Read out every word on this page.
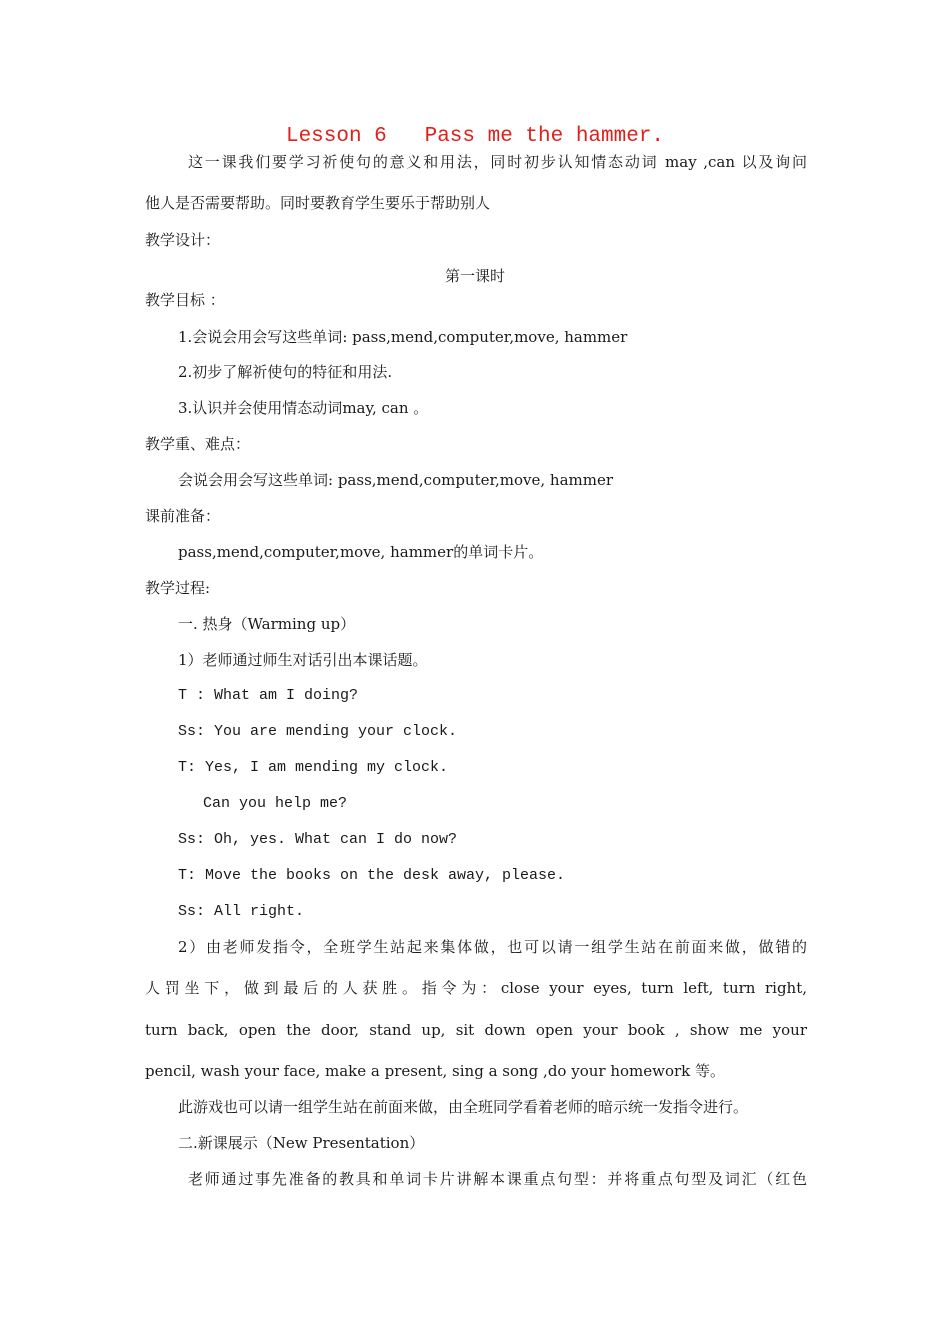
Lesson 6   Pass me the hammer.
这一课我们要学习祈使句的意义和用法，同时初步认知情态动词 may ,can 以及询问
他人是否需要帮助。同时要教育学生要乐于帮助别人
教学设计：
第一课时
教学目标 ：
1.会说会用会写这些单词: pass,mend,computer,move, hammer
2.初步了解祈使句的特征和用法.
3.认识并会使用情态动词may, can 。
教学重、难点：
会说会用会写这些单词: pass,mend,computer,move, hammer
课前准备：
pass,mend,computer,move, hammer的单词卡片。
教学过程:
一. 热身（Warming up）
1）老师通过师生对话引出本课话题。
T : What am I doing?
Ss: You are mending your clock.
T: Yes, I am mending my clock.
Can you help me?
Ss: Oh, yes. What can I do now?
T: Move the books on the desk away, please.
Ss: All right.
2）由老师发指令，全班学生站起来集体做，也可以请一组学生站在前面来做，做错的
人罚坐下，做到最后的人获胜。指令为：close your eyes, turn left, turn right,
turn back, open the door, stand up, sit down open your book , show me your
pencil, wash your face, make a present, sing a song ,do your homework 等。
此游戏也可以请一组学生站在前面来做，由全班同学看着老师的暗示统一发指令进行。
二.新课展示（New Presentation）
老师通过事先准备的教具和单词卡片讲解本课重点句型：并将重点句型及词汇（红色
